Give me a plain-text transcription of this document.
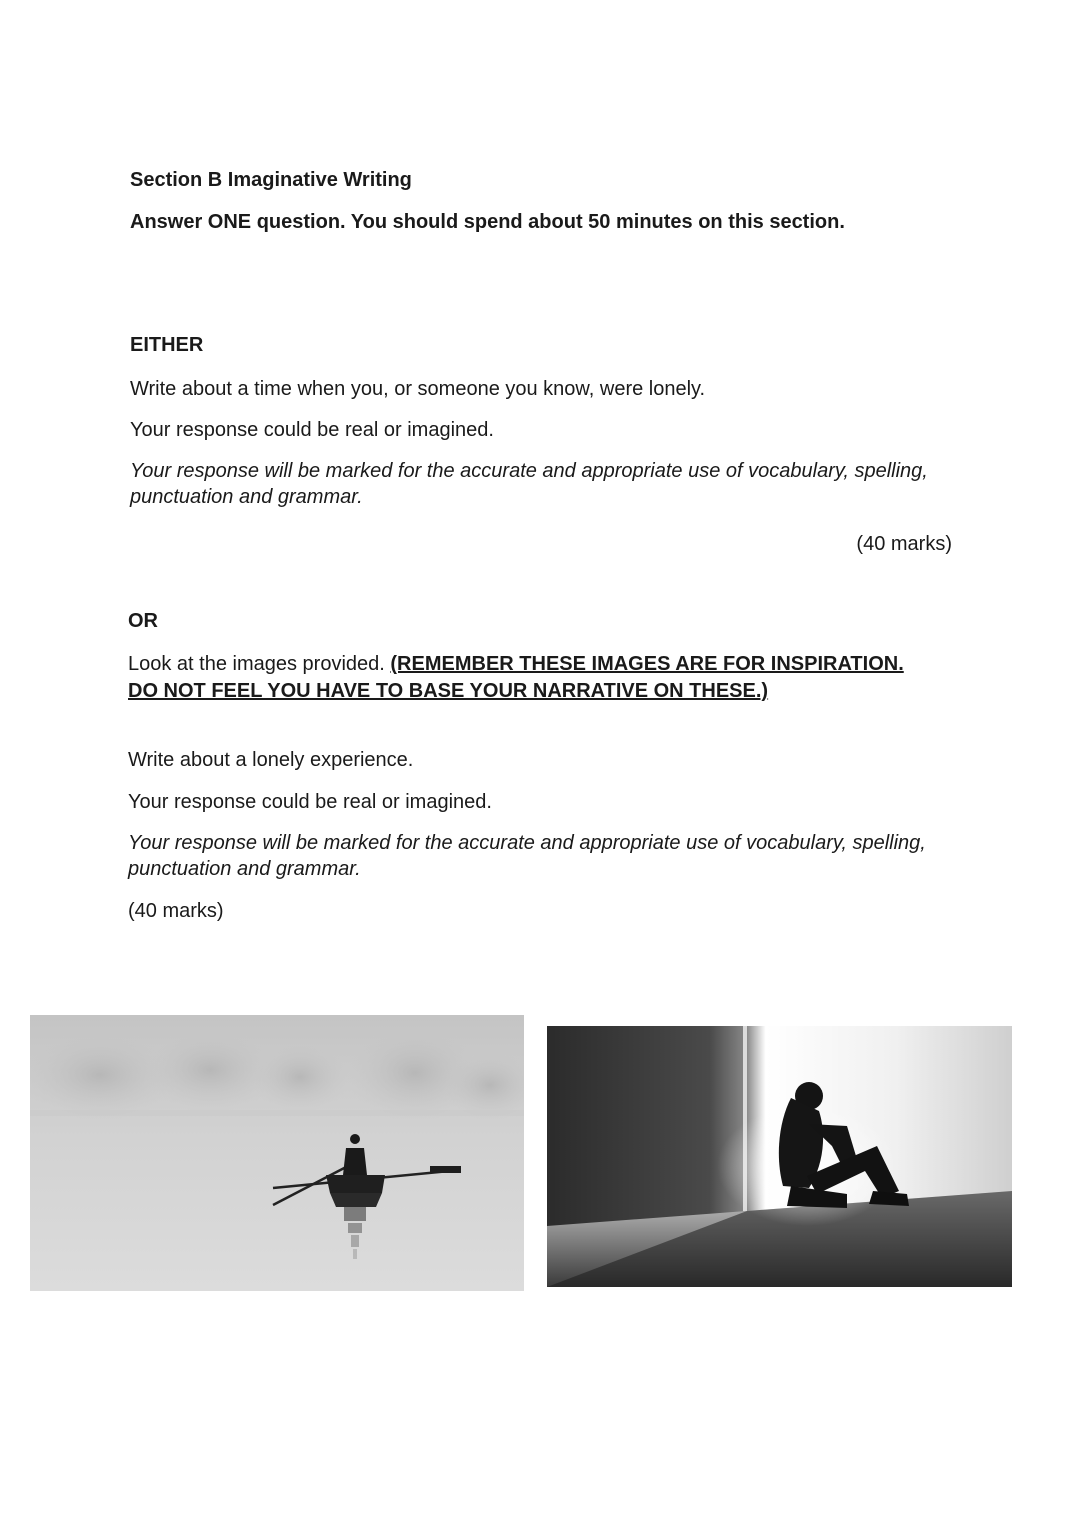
Section B Imaginative Writing

Answer ONE question. You should spend about 50 minutes on this section.

EITHER

Write about a time when you, or someone you know, were lonely.

Your response could be real or imagined.

Your response will be marked for the accurate and appropriate use of vocabulary, spelling, punctuation and grammar.

(40 marks)

OR

Look at the images provided. (REMEMBER THESE IMAGES ARE FOR INSPIRATION. DO NOT FEEL YOU HAVE TO BASE YOUR NARRATIVE ON THESE.)

Write about a lonely experience.

Your response could be real or imagined.

Your response will be marked for the accurate and appropriate use of vocabulary, spelling, punctuation and grammar.

(40 marks)
